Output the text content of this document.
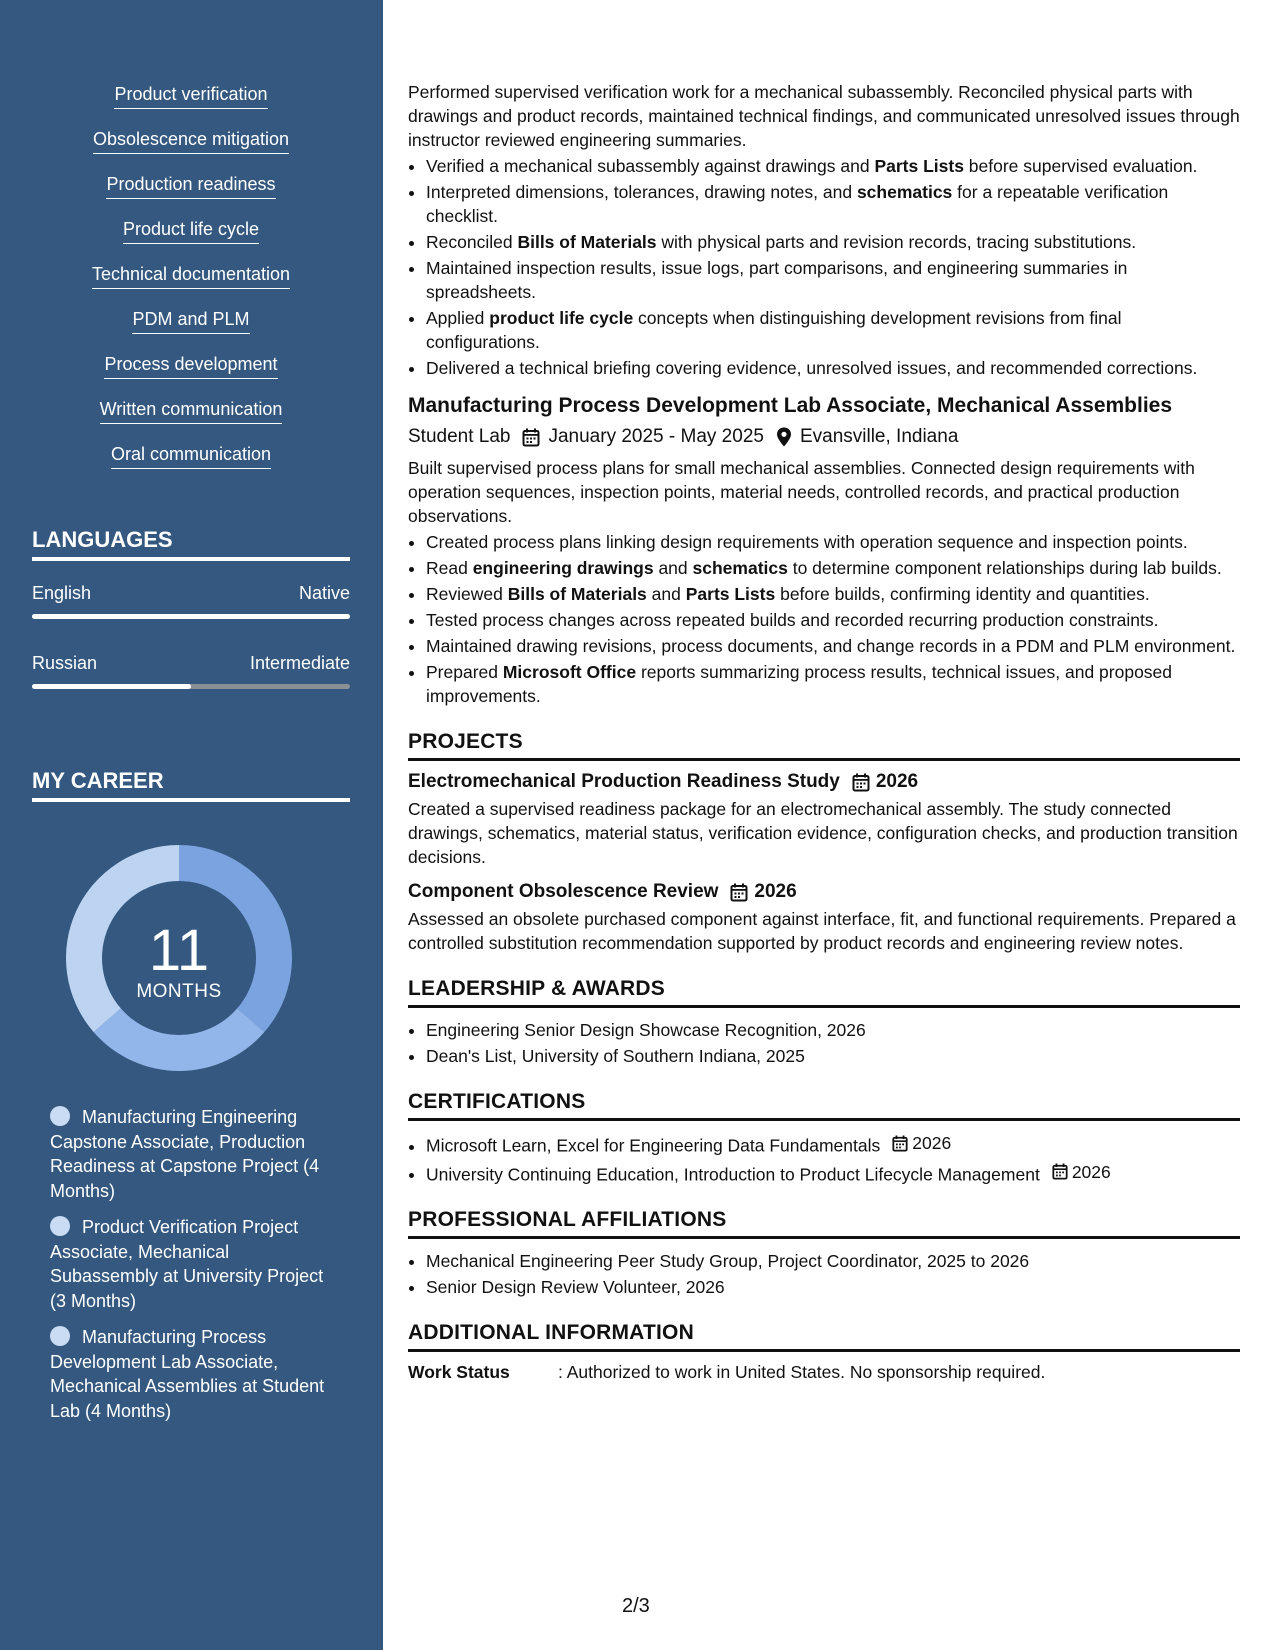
Product verification
Obsolescence mitigation
Production readiness
Product life cycle
Technical documentation
PDM and PLM
Process development
Written communication
Oral communication
LANGUAGES
English	Native
Russian	Intermediate
MY CAREER
11
MONTHS
Manufacturing Engineering Capstone Associate, Production Readiness at Capstone Project (4 Months)
Product Verification Project Associate, Mechanical Subassembly at University Project (3 Months)
Manufacturing Process Development Lab Associate, Mechanical Assemblies at Student Lab (4 Months)

Performed supervised verification work for a mechanical subassembly. Reconciled physical parts with drawings and product records, maintained technical findings, and communicated unresolved issues through instructor reviewed engineering summaries.

• Verified a mechanical subassembly against drawings and Parts Lists before supervised evaluation.
• Interpreted dimensions, tolerances, drawing notes, and schematics for a repeatable verification checklist.
• Reconciled Bills of Materials with physical parts and revision records, tracing substitutions.
• Maintained inspection results, issue logs, part comparisons, and engineering summaries in spreadsheets.
• Applied product life cycle concepts when distinguishing development revisions from final configurations.
• Delivered a technical briefing covering evidence, unresolved issues, and recommended corrections.
Manufacturing Process Development Lab Associate, Mechanical Assemblies
Student Lab January 2025 - May 2025 Evansville, Indiana

Built supervised process plans for small mechanical assemblies. Connected design requirements with operation sequences, inspection points, material needs, controlled records, and practical production observations.

• Created process plans linking design requirements with operation sequence and inspection points.
• Read engineering drawings and schematics to determine component relationships during lab builds.
• Reviewed Bills of Materials and Parts Lists before builds, confirming identity and quantities.
• Tested process changes across repeated builds and recorded recurring production constraints.
• Maintained drawing revisions, process documents, and change records in a PDM and PLM environment.
• Prepared Microsoft Office reports summarizing process results, technical issues, and proposed improvements.
PROJECTS
Electromechanical Production Readiness Study 2026

Created a supervised readiness package for an electromechanical assembly. The study connected drawings, schematics, material status, verification evidence, configuration checks, and production transition decisions.

Component Obsolescence Review 2026

Assessed an obsolete purchased component against interface, fit, and functional requirements. Prepared a controlled substitution recommendation supported by product records and engineering review notes.

LEADERSHIP & AWARDS
• Engineering Senior Design Showcase Recognition, 2026
• Dean's List, University of Southern Indiana, 2025
CERTIFICATIONS
• Microsoft Learn, Excel for Engineering Data Fundamentals 2026
• University Continuing Education, Introduction to Product Lifecycle Management 2026
PROFESSIONAL AFFILIATIONS
• Mechanical Engineering Peer Study Group, Project Coordinator, 2025 to 2026
• Senior Design Review Volunteer, 2026
ADDITIONAL INFORMATION
Work Status	: Authorized to work in United States. No sponsorship required.
2/3
